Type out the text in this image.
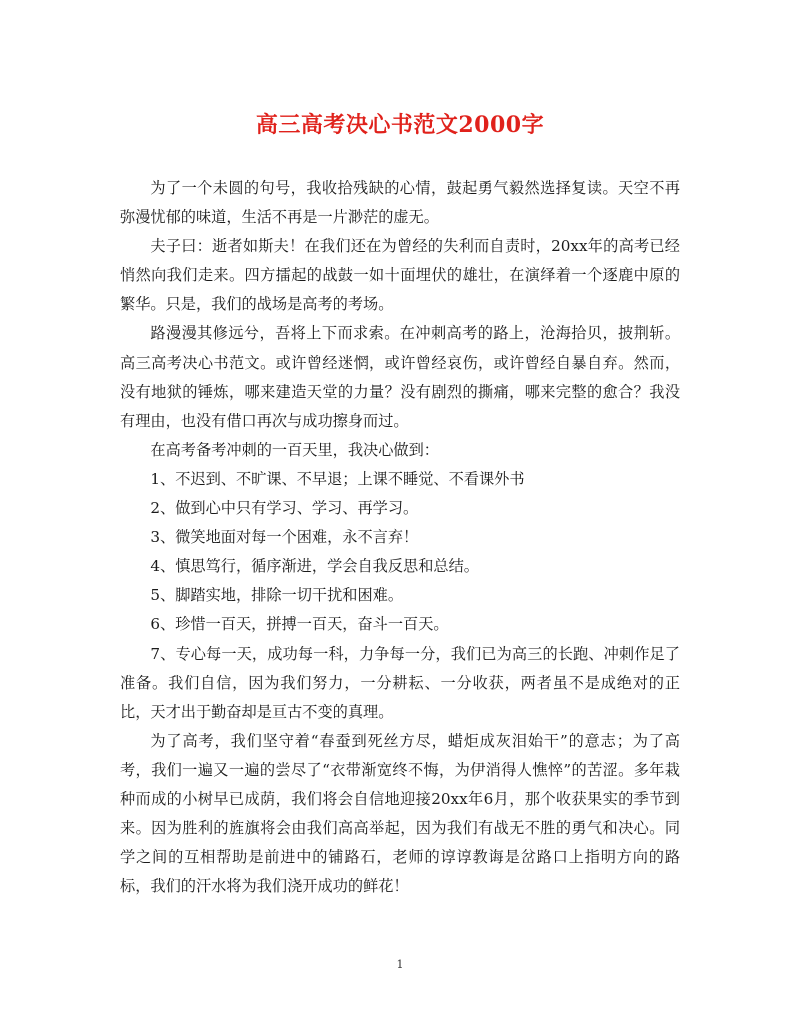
高三高考决心书范文2000字

为了一个未圆的句号，我收拾残缺的心情，鼓起勇气毅然选择复读。天空不再弥漫忧郁的味道，生活不再是一片渺茫的虚无。

夫子曰：逝者如斯夫！在我们还在为曾经的失利而自责时，20xx年的高考已经悄然向我们走来。四方擂起的战鼓一如十面埋伏的雄壮，在演绎着一个逐鹿中原的繁华。只是，我们的战场是高考的考场。

路漫漫其修远兮，吾将上下而求索。在冲刺高考的路上，沧海拾贝，披荆斩。高三高考决心书范文。或许曾经迷惘，或许曾经哀伤，或许曾经自暴自弃。然而，没有地狱的锤炼，哪来建造天堂的力量？没有剧烈的撕痛，哪来完整的愈合？我没有理由，也没有借口再次与成功擦身而过。

在高考备考冲刺的一百天里，我决心做到：

1、不迟到、不旷课、不早退；上课不睡觉、不看课外书

2、做到心中只有学习、学习、再学习。

3、微笑地面对每一个困难，永不言弃！

4、慎思笃行，循序渐进，学会自我反思和总结。

5、脚踏实地，排除一切干扰和困难。

6、珍惜一百天，拼搏一百天，奋斗一百天。

7、专心每一天，成功每一科，力争每一分，我们已为高三的长跑、冲刺作足了准备。我们自信，因为我们努力，一分耕耘、一分收获，两者虽不是成绝对的正比，天才出于勤奋却是亘古不变的真理。

为了高考，我们坚守着“春蚕到死丝方尽，蜡炬成灰泪始干”的意志；为了高考，我们一遍又一遍的尝尽了“衣带渐宽终不悔，为伊消得人憔悴”的苦涩。多年栽种而成的小树早已成荫，我们将会自信地迎接20xx年6月，那个收获果实的季节到来。因为胜利的旌旗将会由我们高高举起，因为我们有战无不胜的勇气和决心。同学之间的互相帮助是前进中的铺路石，老师的谆谆教诲是岔路口上指明方向的路标，我们的汗水将为我们浇开成功的鲜花！

1
